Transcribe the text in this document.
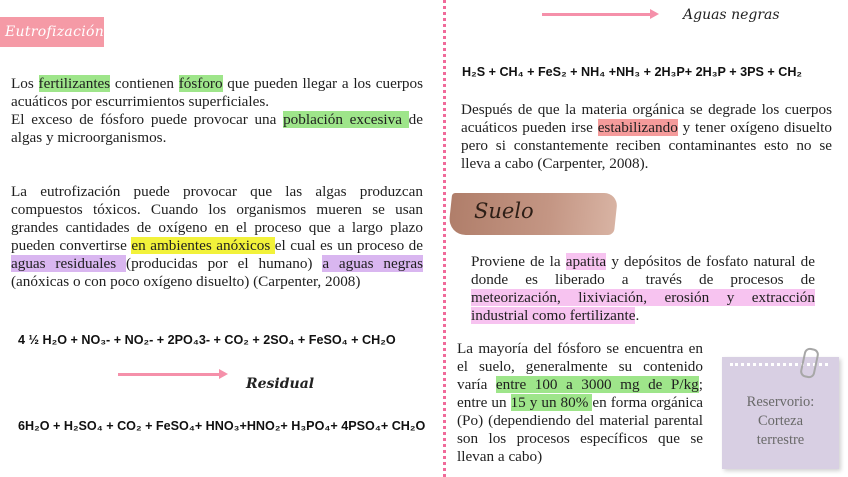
Eutrofización
Los fertilizantes contienen fósforo que pueden llegar a los cuerpos acuáticos por escurrimientos superficiales.
El exceso de fósforo puede provocar una población excesiva de algas y microorganismos.
La eutrofización puede provocar que las algas produzcan compuestos tóxicos. Cuando los organismos mueren se usan grandes cantidades de oxígeno en el proceso que a largo plazo pueden convertirse en ambientes anóxicos el cual es un proceso de aguas residuales (producidas por el humano) a aguas negras (anóxicas o con poco oxígeno disuelto) (Carpenter, 2008)
4 ½ H₂O + NO₃- + NO₂- + 2PO₄3- + CO₂ + 2SO₄ + FeSO₄ + CH₂O
Residual
6H₂O + H₂SO₄ + CO₂ + FeSO₄+ HNO₃+HNO₂+ H₃PO₄+ 4PSO₄+ CH₂O
Aguas negras
H₂S + CH₄ + FeS₂ + NH₄ +NH₃ + 2H₃P+ 2H₃P + 3PS + CH₂
Después de que la materia orgánica se degrade los cuerpos acuáticos pueden irse estabilizando y tener oxígeno disuelto pero si constantemente reciben contaminantes esto no se lleva a cabo (Carpenter, 2008).
Suelo
Proviene de la apatita y depósitos de fosfato natural de donde es liberado a través de procesos de meteorización, lixiviación, erosión y extracción industrial como fertilizante.
La mayoría del fósforo se encuentra en el suelo, generalmente su contenido varía entre 100 a 3000 mg de P/kg; entre un 15 y un 80% en forma orgánica (Po) (dependiendo del material parental son los procesos específicos que se llevan a cabo)
Reservorio:
Corteza
terrestre
